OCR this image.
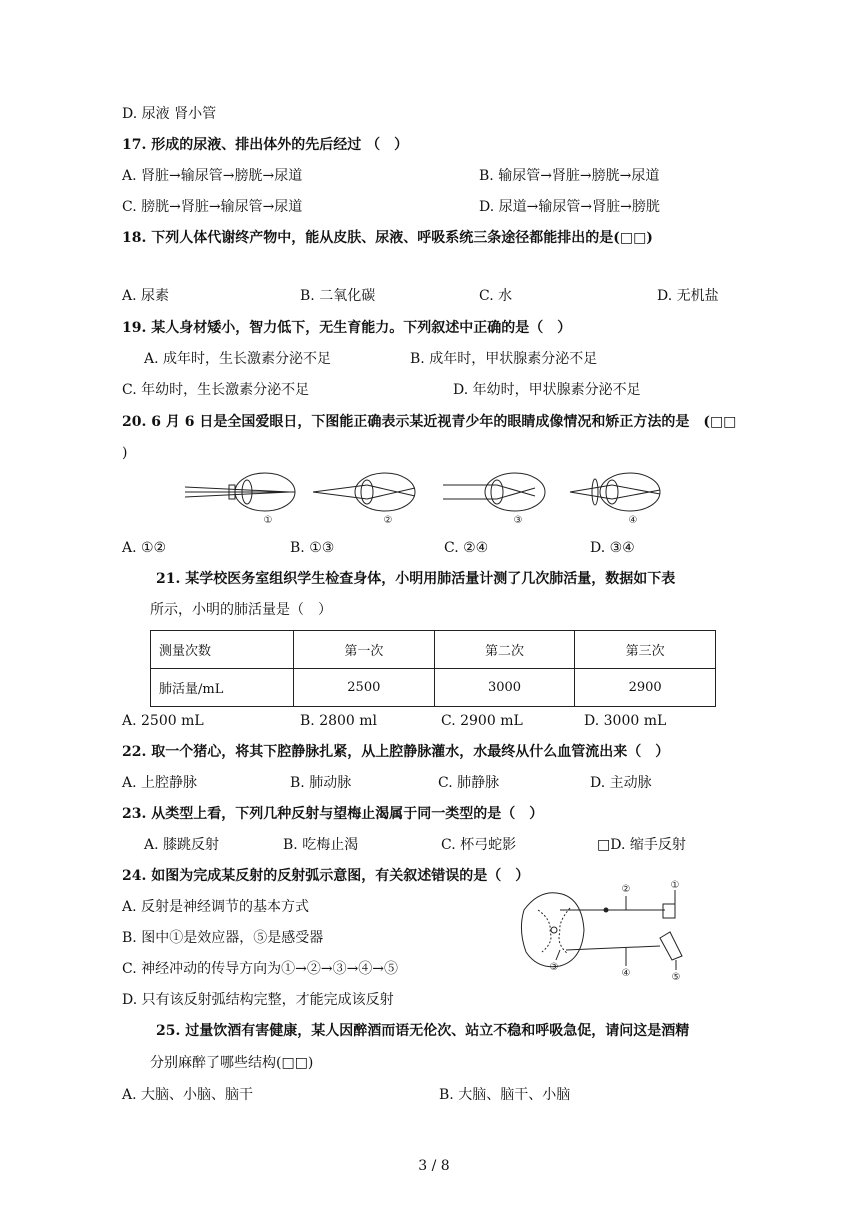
D. 尿液 肾小管
17. 形成的尿液、排出体外的先后经过 （　）
A. 肾脏→输尿管→膀胱→尿道	B. 输尿管→肾脏→膀胱→尿道
C. 膀胱→肾脏→输尿管→尿道	D. 尿道→输尿管→肾脏→膀胱
18. 下列人体代谢终产物中，能从皮肤、尿液、呼吸系统三条途径都能排出的是(□□)
A. 尿素	B. 二氧化碳	C. 水	D. 无机盐
19. 某人身材矮小，智力低下，无生育能力。下列叙述中正确的是（　）
A. 成年时，生长激素分泌不足	B. 成年时，甲状腺素分泌不足
C. 年幼时，生长激素分泌不足	D. 年幼时，甲状腺素分泌不足
20. 6 月 6 日是全国爱眼日，下图能正确表示某近视青少年的眼睛成像情况和矫正方法的是　(□□
)
①	②	③	④
A. ①②	B. ①③	C. ②④	D. ③④
21. 某学校医务室组织学生检查身体，小明用肺活量计测了几次肺活量，数据如下表
所示，小明的肺活量是（　）
测量次数	第一次	第二次	第三次
肺活量/mL	2500	3000	2900
A. 2500 mL	B. 2800 ml	C. 2900 mL	D. 3000 mL
22. 取一个猪心，将其下腔静脉扎紧，从上腔静脉灌水，水最终从什么血管流出来（　）
A. 上腔静脉	B. 肺动脉	C. 肺静脉	D. 主动脉
23. 从类型上看，下列几种反射与望梅止渴属于同一类型的是（　）
A. 膝跳反射	B. 吃梅止渴	C. 杯弓蛇影	□D. 缩手反射
24. 如图为完成某反射的反射弧示意图，有关叙述错误的是（　）
A. 反射是神经调节的基本方式
B. 图中①是效应器，⑤是感受器
C. 神经冲动的传导方向为①→②→③→④→⑤
D. 只有该反射弧结构完整，才能完成该反射
②	①
③
④	⑤
25. 过量饮酒有害健康，某人因醉酒而语无伦次、站立不稳和呼吸急促，请问这是酒精
分别麻醉了哪些结构(□□)
A. 大脑、小脑、脑干	B. 大脑、脑干、小脑
3 / 8
